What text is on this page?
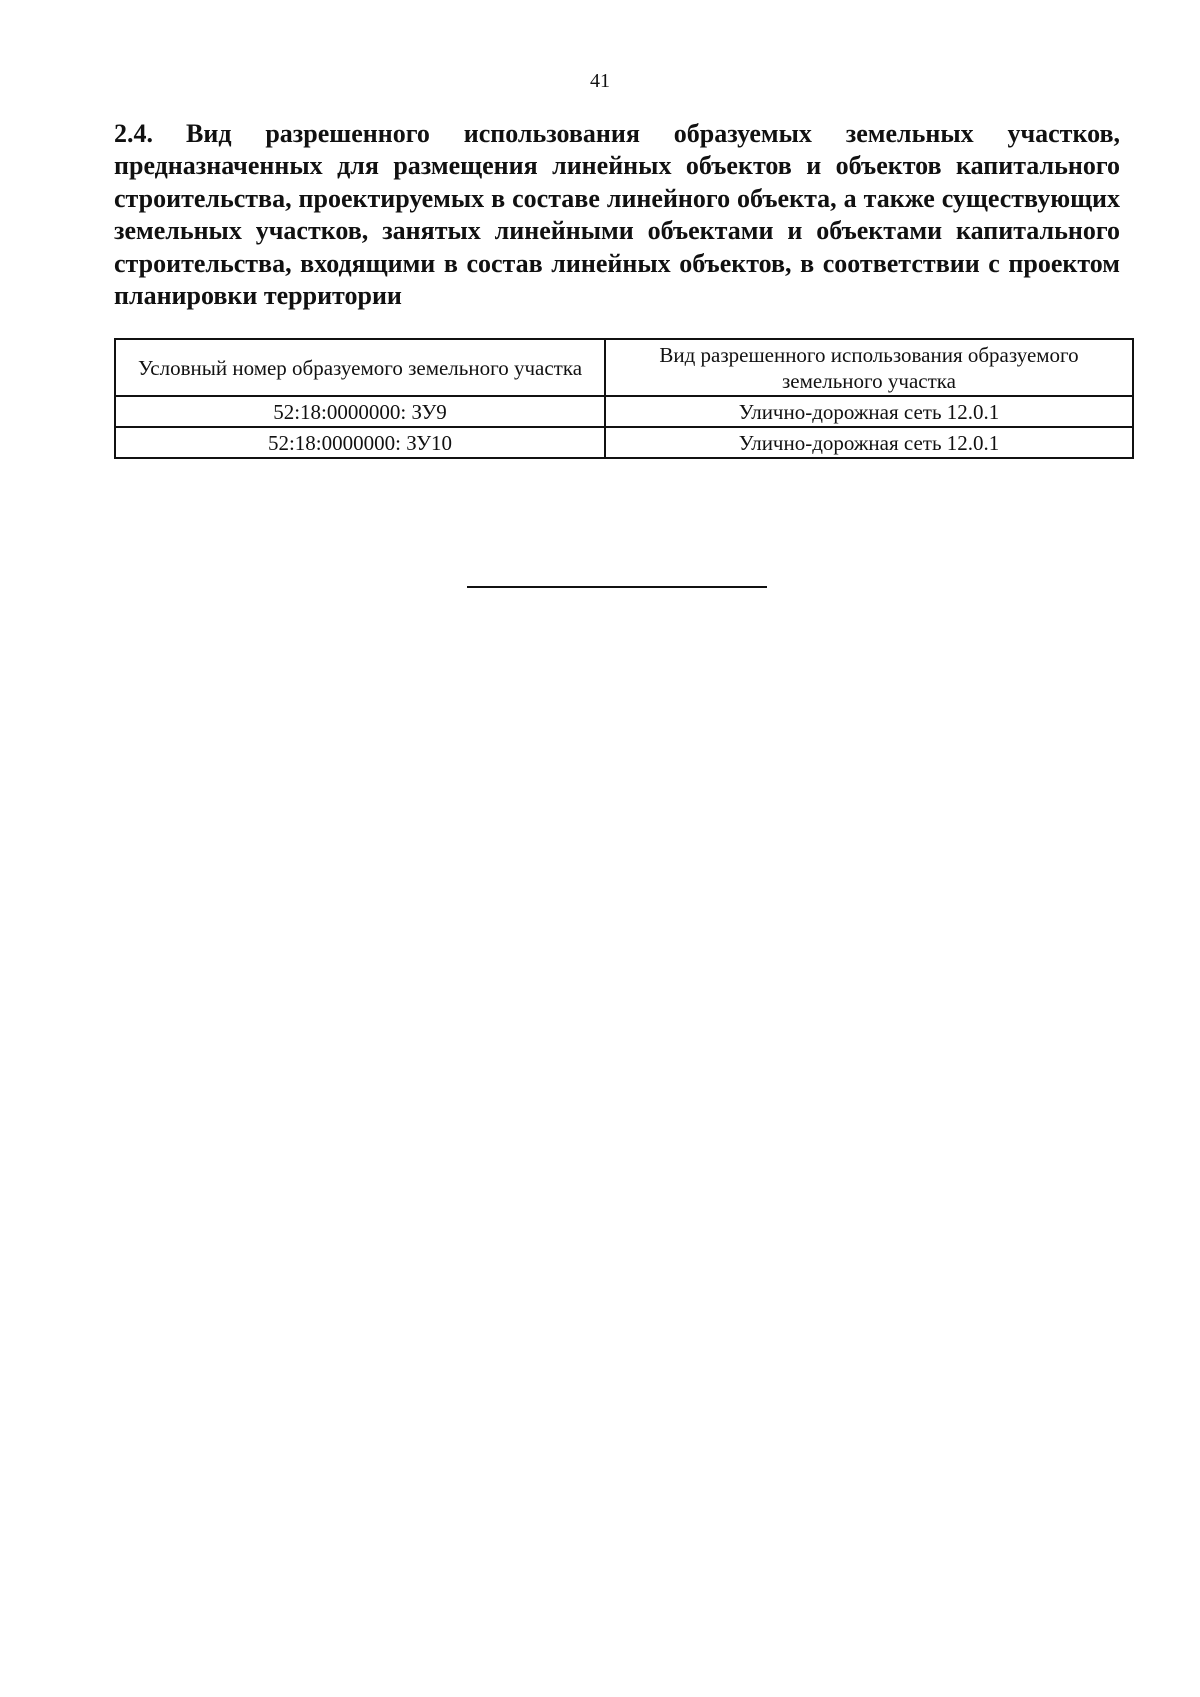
41
2.4. Вид разрешенного использования образуемых земельных участков, предназначенных для размещения линейных объектов и объектов капитального строительства, проектируемых в составе линейного объекта, а также существующих земельных участков, занятых линейными объектами и объектами капитального строительства, входящими в состав линейных объектов, в соответствии с проектом планировки территории
Условный номер образуемого земельного участка	Вид разрешенного использования образуемого земельного участка
52:18:0000000: ЗУ9	Улично-дорожная сеть 12.0.1
52:18:0000000: ЗУ10	Улично-дорожная сеть 12.0.1
